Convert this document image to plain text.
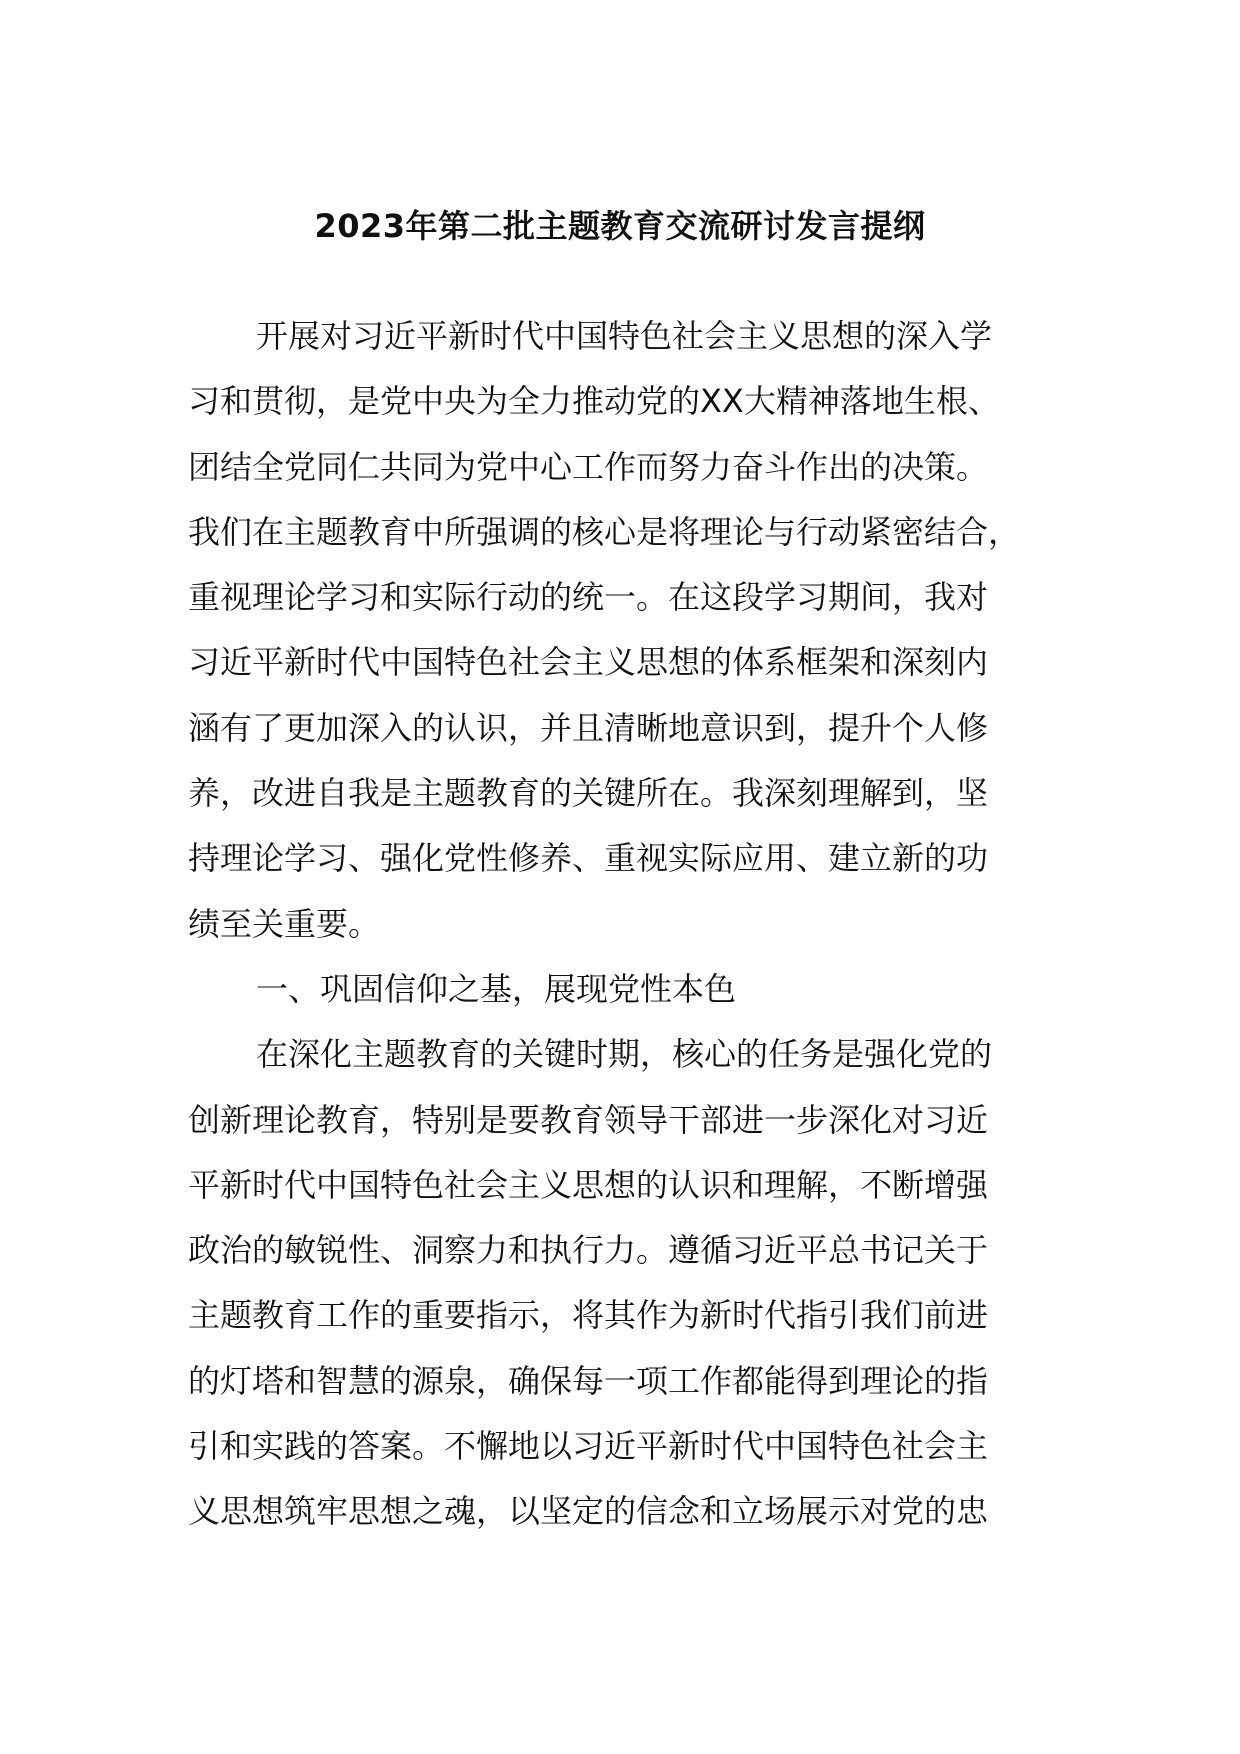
2023年第二批主题教育交流研讨发言提纲
开展对习近平新时代中国特色社会主义思想的深入学
习和贯彻，是党中央为全力推动党的XX大精神落地生根、
团结全党同仁共同为党中心工作而努力奋斗作出的决策。
我们在主题教育中所强调的核心是将理论与行动紧密结合，
重视理论学习和实际行动的统一。在这段学习期间，我对
习近平新时代中国特色社会主义思想的体系框架和深刻内
涵有了更加深入的认识，并且清晰地意识到，提升个人修
养，改进自我是主题教育的关键所在。我深刻理解到，坚
持理论学习、强化党性修养、重视实际应用、建立新的功
绩至关重要。
一、巩固信仰之基，展现党性本色
在深化主题教育的关键时期，核心的任务是强化党的
创新理论教育，特别是要教育领导干部进一步深化对习近
平新时代中国特色社会主义思想的认识和理解，不断增强
政治的敏锐性、洞察力和执行力。遵循习近平总书记关于
主题教育工作的重要指示，将其作为新时代指引我们前进
的灯塔和智慧的源泉，确保每一项工作都能得到理论的指
引和实践的答案。不懈地以习近平新时代中国特色社会主
义思想筑牢思想之魂，以坚定的信念和立场展示对党的忠
